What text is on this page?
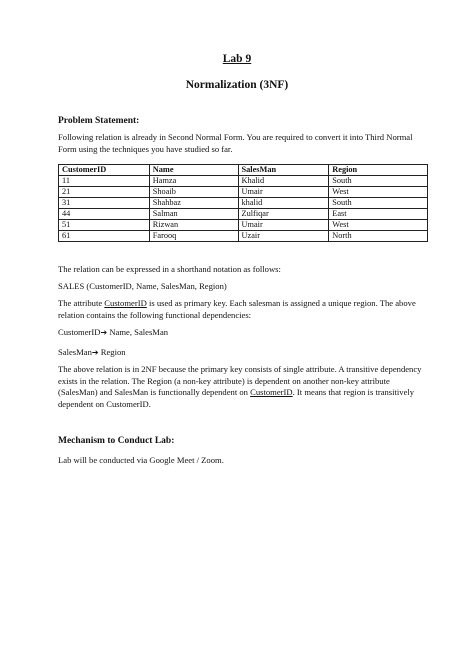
Lab 9
Normalization (3NF)
Problem Statement:
Following relation is already in Second Normal Form. You are required to convert it into Third Normal Form using the techniques you have studied so far.
CustomerID	Name	SalesMan	Region
11	Hamza	Khalid	South
21	Shoaib	Umair	West
31	Shahbaz	khalid	South
44	Salman	Zulfiqar	East
51	Rizwan	Umair	West
61	Farooq	Uzair	North
The relation can be expressed in a shorthand notation as follows:
SALES (CustomerID, Name, SalesMan, Region)
The attribute CustomerID is used as primary key. Each salesman is assigned a unique region. The above relation contains the following functional dependencies:
CustomerID➔ Name, SalesMan
SalesMan➔ Region
The above relation is in 2NF because the primary key consists of single attribute. A transitive dependency exists in the relation. The Region (a non-key attribute) is dependent on another non-key attribute (SalesMan) and SalesMan is functionally dependent on CustomerID. It means that region is transitively dependent on CustomerID.
Mechanism to Conduct Lab:
Lab will be conducted via Google Meet / Zoom.
